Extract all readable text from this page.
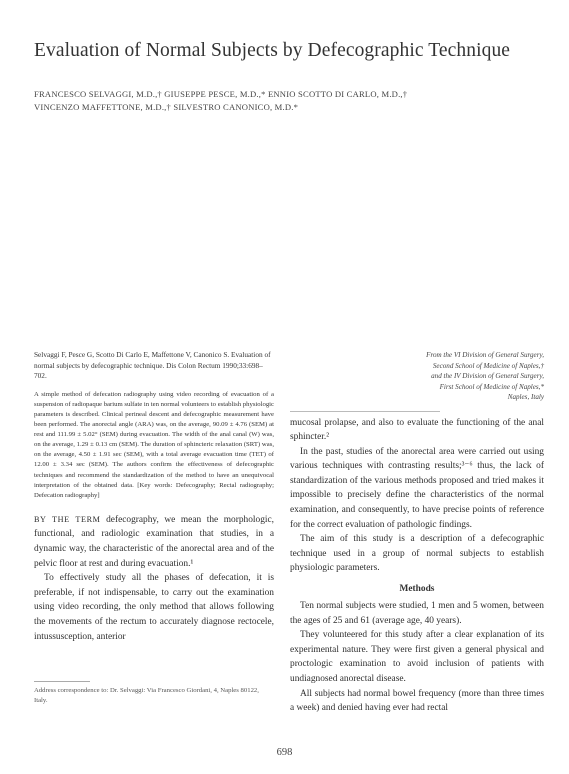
Evaluation of Normal Subjects by Defecographic Technique
FRANCESCO SELVAGGI, M.D.,† GIUSEPPE PESCE, M.D.,* ENNIO SCOTTO DI CARLO, M.D.,†
VINCENZO MAFFETTONE, M.D.,† SILVESTRO CANONICO, M.D.*

Selvaggi F, Pesce G, Scotto Di Carlo E, Maffettone V, Canonico S. Evaluation of normal subjects by defecographic technique. Dis Colon Rectum 1990;33:698–702.

A simple method of defecation radiography using video recording of evacuation of a suspension of radiopaque barium sulfate in ten normal volunteers to establish physiologic parameters is described. Clinical perineal descent and defecographic measurement have been performed. The anorectal angle (ARA) was, on the average, 90.09 ± 4.76 (SEM) at rest and 111.99 ± 5.02° (SEM) during evacuation. The width of the anal canal (W) was, on the average, 1.29 ± 0.13 cm (SEM). The duration of sphincteric relaxation (SRT) was, on the average, 4.50 ± 1.91 sec (SEM), with a total average evacuation time (TET) of 12.00 ± 3.34 sec (SEM). The authors confirm the effectiveness of defecographic techniques and recommend the standardization of the method to have an unequivocal interpretation of the obtained data. [Key words: Defecography; Rectal radiography; Defecation radiography]

BY THE TERM defecography, we mean the morphologic, functional, and radiologic examination that studies, in a dynamic way, the characteristic of the anorectal area and of the pelvic floor at rest and during evacuation.¹

To effectively study all the phases of defecation, it is preferable, if not indispensable, to carry out the examination using video recording, the only method that allows following the movements of the rectum to accurately diagnose rectocele, intussusception, anterior

From the VI Division of General Surgery,

Second School of Medicine of Naples,†

and the IV Division of General Surgery,

First School of Medicine of Naples,*

Naples, Italy

mucosal prolapse, and also to evaluate the functioning of the anal sphincter.²

In the past, studies of the anorectal area were carried out using various techniques with contrasting results;³⁻⁶ thus, the lack of standardization of the various methods proposed and tried makes it impossible to precisely define the characteristics of the normal examination, and consequently, to have precise points of reference for the correct evaluation of pathologic findings.

The aim of this study is a description of a defecographic technique used in a group of normal subjects to establish physiologic parameters.

Methods

Ten normal subjects were studied, 1 men and 5 women, between the ages of 25 and 61 (average age, 40 years).

They volunteered for this study after a clear explanation of its experimental nature. They were first given a general physical and proctologic examination to avoid inclusion of patients with undiagnosed anorectal disease.

All subjects had normal bowel frequency (more than three times a week) and denied having ever had rectal

Address correspondence to: Dr. Selvaggi: Via Francesco Giordani, 4, Naples 80122, Italy.
698
